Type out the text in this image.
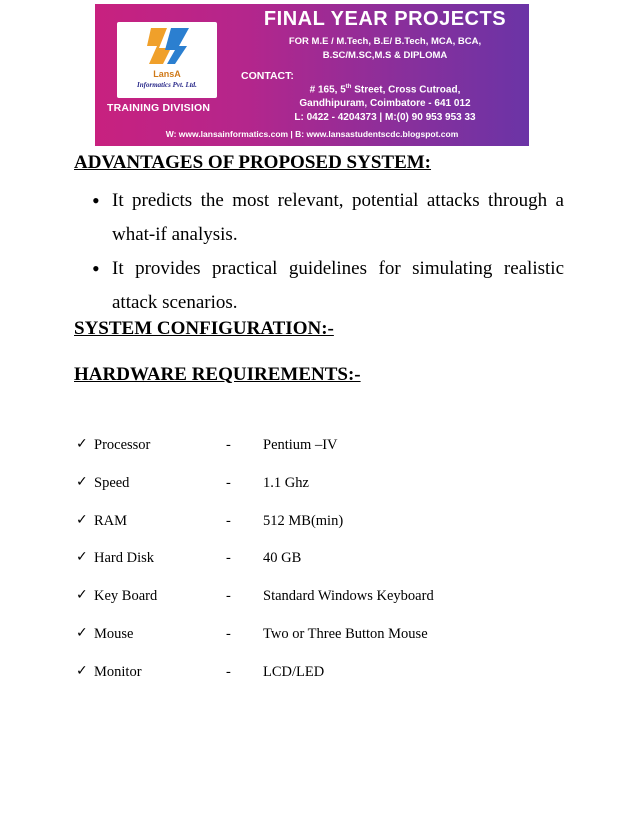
LansA
Informatics Pvt. Ltd.
TRAINING DIVISION
FINAL YEAR PROJECTS
FOR M.E / M.Tech, B.E/ B.Tech, MCA, BCA,
B.SC/M.SC,M.S & DIPLOMA
CONTACT:
# 165, 5th Street, Cross Cutroad,
Gandhipuram, Coimbatore - 641 012
L: 0422 - 4204373 | M:(0) 90 953 953 33
W: www.lansainformatics.com | B: www.lansastudentscdc.blogspot.com
ADVANTAGES OF PROPOSED SYSTEM:
• It predicts the most relevant, potential attacks through a
what-if analysis.
• It provides practical guidelines for simulating realistic
attack scenarios.
SYSTEM CONFIGURATION:-
HARDWARE REQUIREMENTS:-
✓ Processor	- Pentium –IV
✓ Speed	- 1.1 Ghz
✓ RAM	- 512 MB(min)
✓ Hard Disk	- 40 GB
✓ Key Board	- Standard Windows Keyboard
✓ Mouse	- Two or Three Button Mouse
✓ Monitor	- LCD/LED
